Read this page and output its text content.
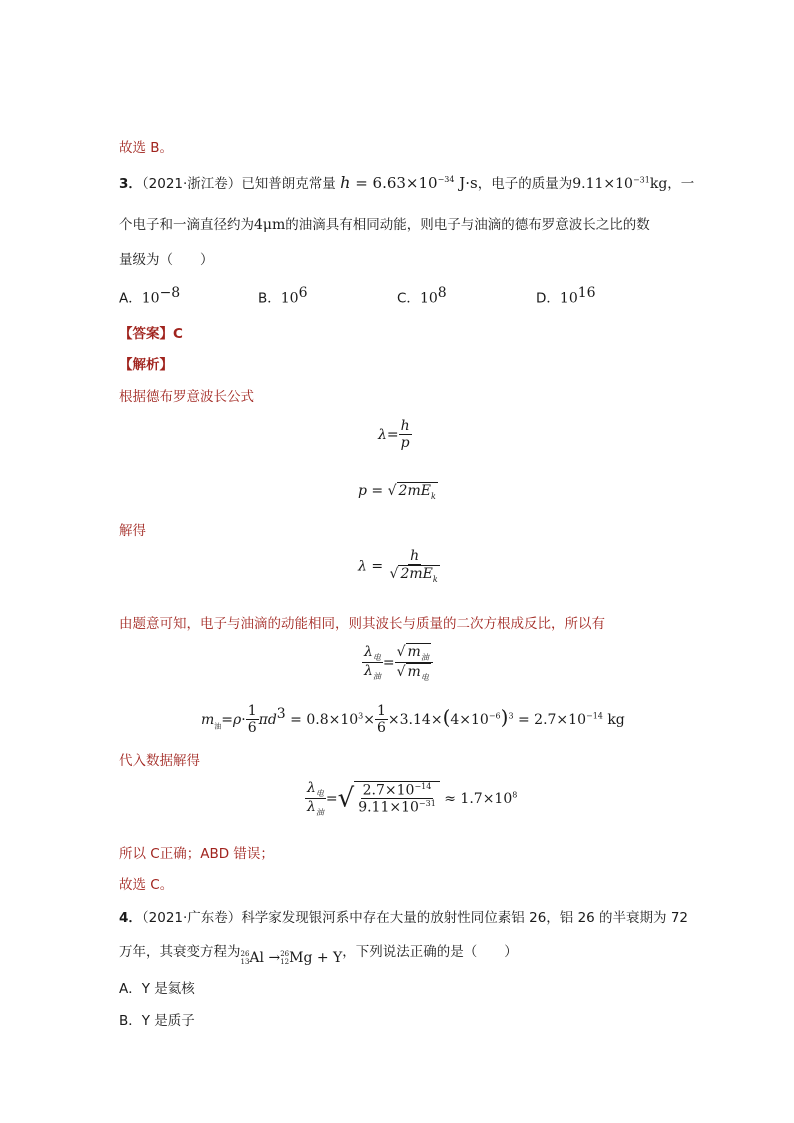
故选 B。
3．（2021·浙江卷）已知普朗克常量 $h = 6.63\times 10^{-34}$ J·s，电子的质量为$9.11\times 10^{-31}kg$，一
个电子和一滴直径约为4μm的油滴具有相同动能，则电子与油滴的德布罗意波长之比的数
量级为（　　）
A．$10^{-8}$	B．$10^6$	C．$10^8$	D．$10^{16}$
【答案】C
【解析】
根据德布罗意波长公式
$\lambda= \frac{h}{p}$
p = √ $2mE_k$
解得
$\lambda = \frac{h}{√ 2mE_k}$
由题意可知，电子与油滴的动能相同，则其波长与质量的二次方根成反比，所以有
$\frac{\lambda_电}{\lambda_油} = \frac{√ m_油}{√ m_电}$
$m_油=\rho\cdot \frac{1}{6} \pi d^3 = 0.8\times 10^3\times \frac{1}{6} \times 3.14\times(4\times 10^{-6})^3 = 2.7\times 10^{-14}$ kg
代入数据解得
$\frac{\lambda_电}{\lambda_油}$ =√ $\frac{2.7\times 10^{-14}}{9.11\times 10^{-31}} \approx 1.7\times 10^8$
所以 C正确；ABD 错误；
故选 C。
4．（2021·广东卷）科学家发现银河系中存在大量的放射性同位素铝 26，铝 26 的半衰期为 72
万年，其衰变方程为 26
13 Al → 26
12 Mg + Y，下列说法正确的是（　　）
A．Y 是氦核
B．Y 是质子
